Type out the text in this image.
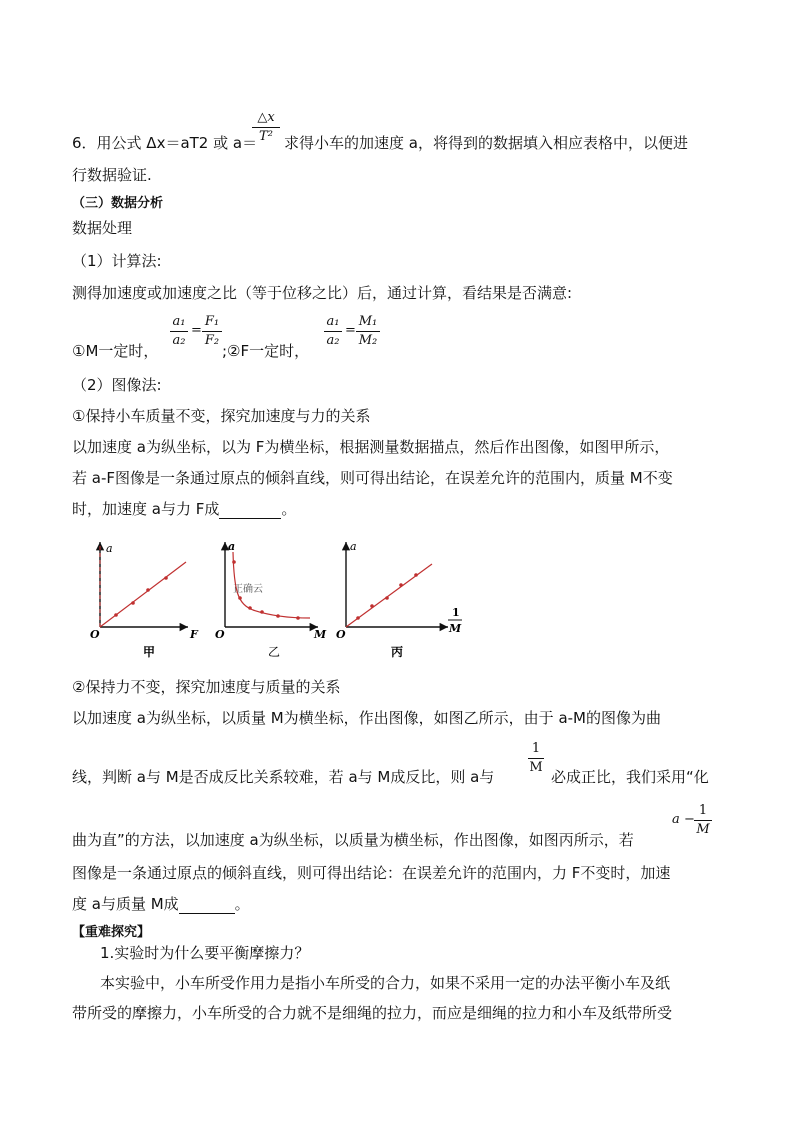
6．用公式 Δx＝aT2 或 a＝
△x
T² 求得小车的加速度 a，将得到的数据填入相应表格中，以便进
行数据验证.
（三）数据分析
数据处理
（1）计算法:
测得加速度或加速度之比（等于位移之比）后，通过计算，看结果是否满意:
①M一定时，
a₁
a₂
=
F₁
F₂
;②F一定时，
a₁
a₂
=
M₁
M₂
（2）图像法:
①保持小车质量不变，探究加速度与力的关系
以加速度 a为纵坐标，以为 F为横坐标，根据测量数据描点，然后作出图像，如图甲所示，
若 a-F图像是一条通过原点的倾斜直线，则可得出结论，在误差允许的范围内，质量 M不变
时，加速度 a与力 F成	。
a
O	F
甲
a
正确云
O	M
乙
a
O
1
M
丙
②保持力不变，探究加速度与质量的关系
以加速度 a为纵坐标，以质量 M为横坐标，作出图像，如图乙所示，由于 a-M的图像为曲
线，判断 a与 M是否成反比关系较难，若 a与 M成反比，则 a与
1
M
必成正比，我们采用“化
曲为直”的方法，以加速度 a为纵坐标，以质量为横坐标，作出图像，如图丙所示，若
a −
1
M
图像是一条通过原点的倾斜直线，则可得出结论：在误差允许的范围内，力 F不变时，加速
度 a与质量 M成	。
【重难探究】
1.实验时为什么要平衡摩擦力？
本实验中，小车所受作用力是指小车所受的合力，如果不采用一定的办法平衡小车及纸
带所受的摩擦力，小车所受的合力就不是细绳的拉力，而应是细绳的拉力和小车及纸带所受
